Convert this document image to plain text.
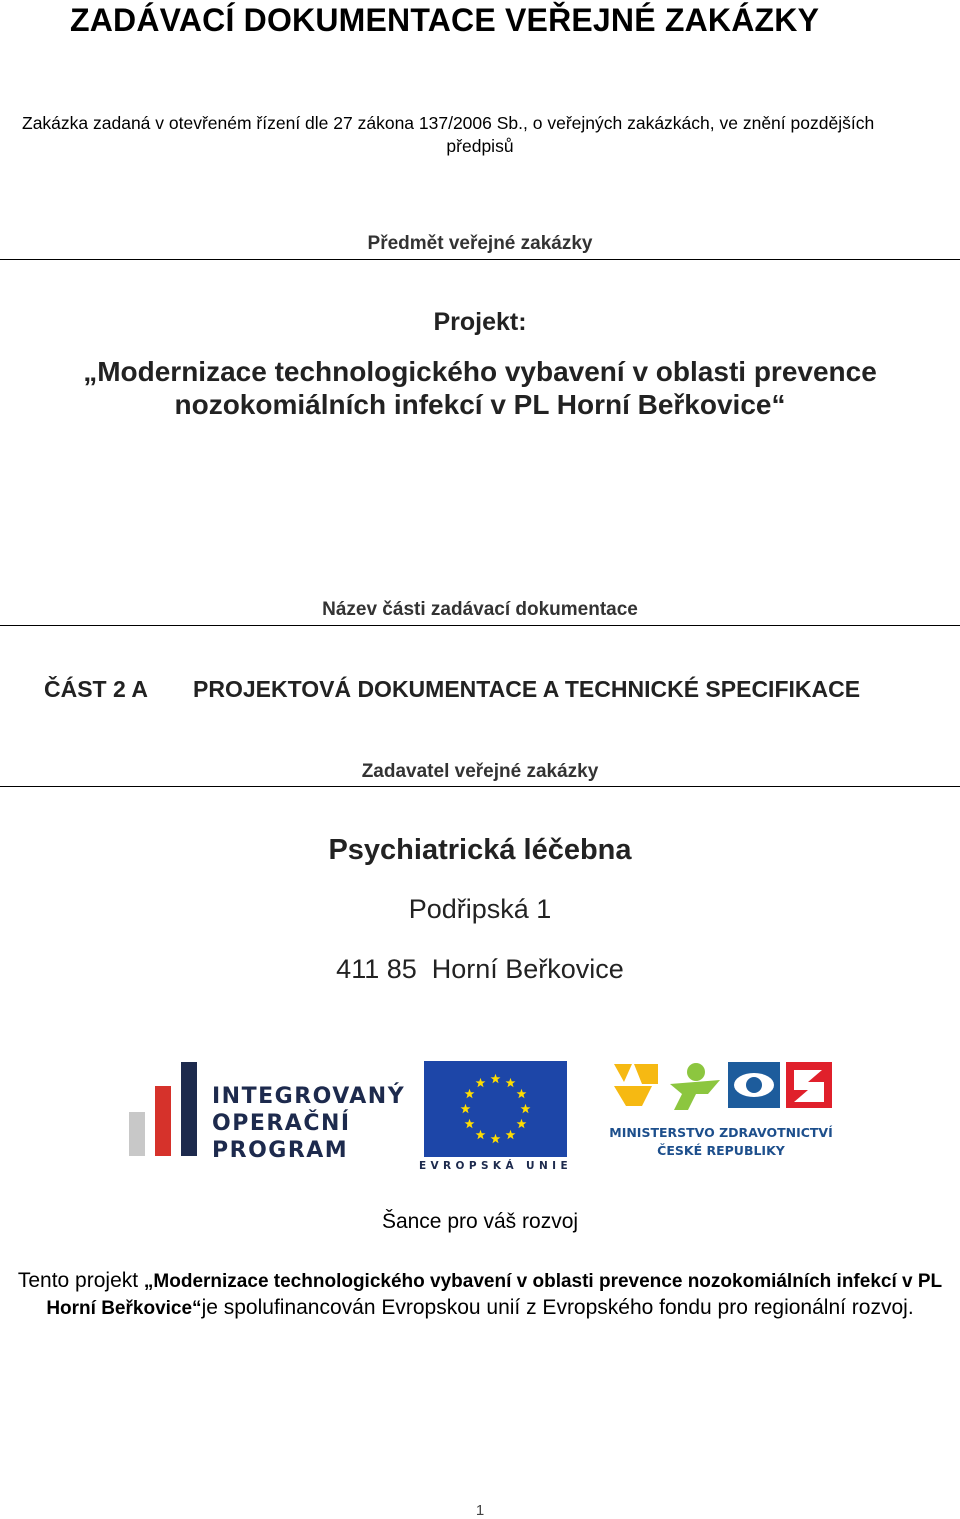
ZADÁVACÍ DOKUMENTACE VEŘEJNÉ ZAKÁZKY
Zakázka zadaná v otevřeném řízení dle 27 zákona 137/2006 Sb., o veřejných zakázkách, ve znění pozdějších
předpisů
Předmět veřejné zakázky
Projekt:
„Modernizace technologického vybavení v oblasti prevence
nozokomiálních infekcí v PL Horní Beřkovice“
Název části zadávací dokumentace
ČÁST 2 A PROJEKTOVÁ DOKUMENTACE A TECHNICKÉ SPECIFIKACE
Zadavatel veřejné zakázky
Psychiatrická léčebna
Podřipská 1
411 85  Horní Beřkovice
INTEGROVANÝ
OPERAČNÍ
PROGRAM
EVROPSKÁ UNIE
MINISTERSTVO ZDRAVOTNICTVÍ
ČESKÉ REPUBLIKY
Šance pro váš rozvoj
Tento projekt „Modernizace technologického vybavení v oblasti prevence nozokomiálních infekcí v PL Horní Beřkovice“je spolufinancován Evropskou unií z Evropského fondu pro regionální rozvoj.
1
